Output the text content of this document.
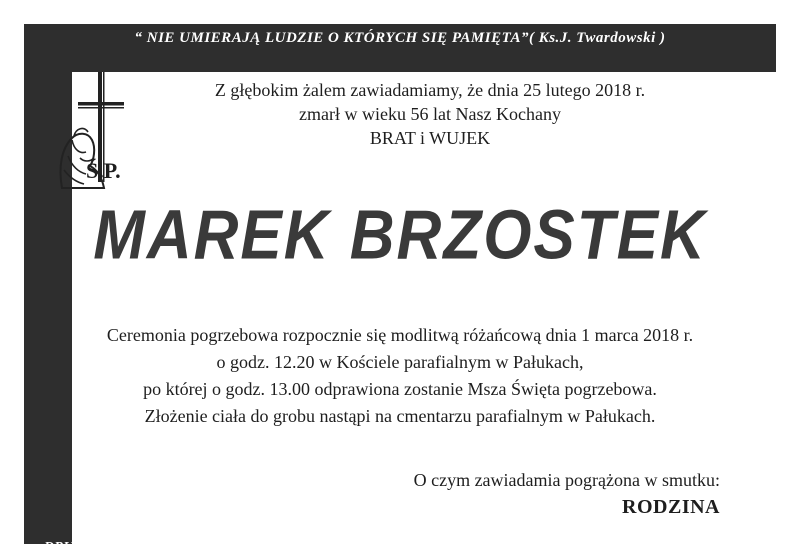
“ NIE UMIERAJĄ LUDZIE O KTÓRYCH SIĘ PAMIĘTA”( Ks.J. Twardowski )
Z głębokim żalem zawiadamiamy, że dnia 25 lutego 2018 r.
zmarł w wieku 56 lat Nasz Kochany
BRAT i WUJEK
Ś.P.
MAREK BRZOSTEK
Ceremonia pogrzebowa rozpocznie się modlitwą różańcową dnia 1 marca 2018 r.
o godz. 12.20 w Kościele parafialnym w Pałukach,
po której o godz. 13.00 odprawiona zostanie Msza Święta pogrzebowa.
Złożenie ciała do grobu nastąpi na cmentarzu parafialnym w Pałukach.
O czym zawiadamia pogrążona w smutku:
RODZINA
DRUK: Z.U.P. "HADES" R.Żurawski tel. 023 672 14 88, 662 198 820
